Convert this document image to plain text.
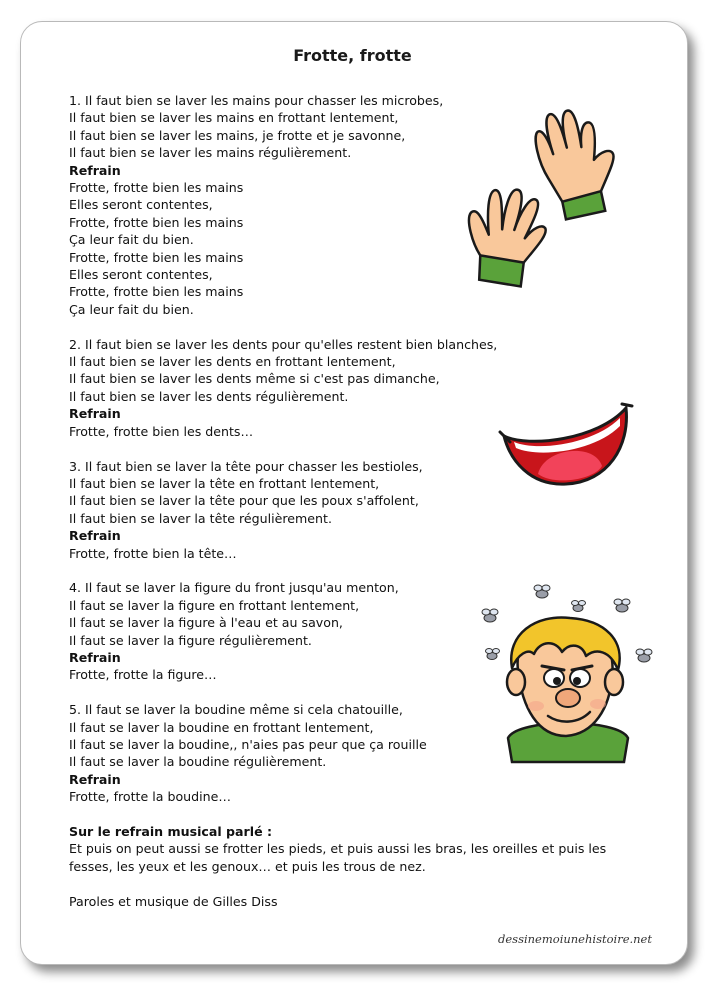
Frotte, frotte
1. Il faut bien se laver les mains pour chasser les microbes,
Il faut bien se laver les mains en frottant lentement,
Il faut bien se laver les mains, je frotte et je savonne,
Il faut bien se laver les mains régulièrement.
Refrain
Frotte, frotte bien les mains
Elles seront contentes,
Frotte, frotte bien les mains
Ça leur fait du bien.
Frotte, frotte bien les mains
Elles seront contentes,
Frotte, frotte bien les mains
Ça leur fait du bien.
2. Il faut bien se laver les dents pour qu'elles restent bien blanches,
Il faut bien se laver les dents en frottant lentement,
Il faut bien se laver les dents même si c'est pas dimanche,
Il faut bien se laver les dents régulièrement.
Refrain
Frotte, frotte bien les dents…
3. Il faut bien se laver la tête pour chasser les bestioles,
Il faut bien se laver la tête en frottant lentement,
Il faut bien se laver la tête pour que les poux s'affolent,
Il faut bien se laver la tête régulièrement.
Refrain
Frotte, frotte bien la tête…
4. Il faut se laver la figure du front jusqu'au menton,
Il faut se laver la figure en frottant lentement,
Il faut se laver la figure à l'eau et au savon,
Il faut se laver la figure régulièrement.
Refrain
Frotte, frotte la figure…
5. Il faut se laver la boudine même si cela chatouille,
Il faut se laver la boudine en frottant lentement,
Il faut se laver la boudine,, n'aies pas peur que ça rouille
Il faut se laver la boudine régulièrement.
Refrain
Frotte, frotte la boudine…
Sur le refrain musical parlé :
Et puis on peut aussi se frotter les pieds, et puis aussi les bras, les oreilles et puis les fesses, les yeux et les genoux… et puis les trous de nez.
Paroles et musique de Gilles Diss
dessinemoiunehistoire.net
